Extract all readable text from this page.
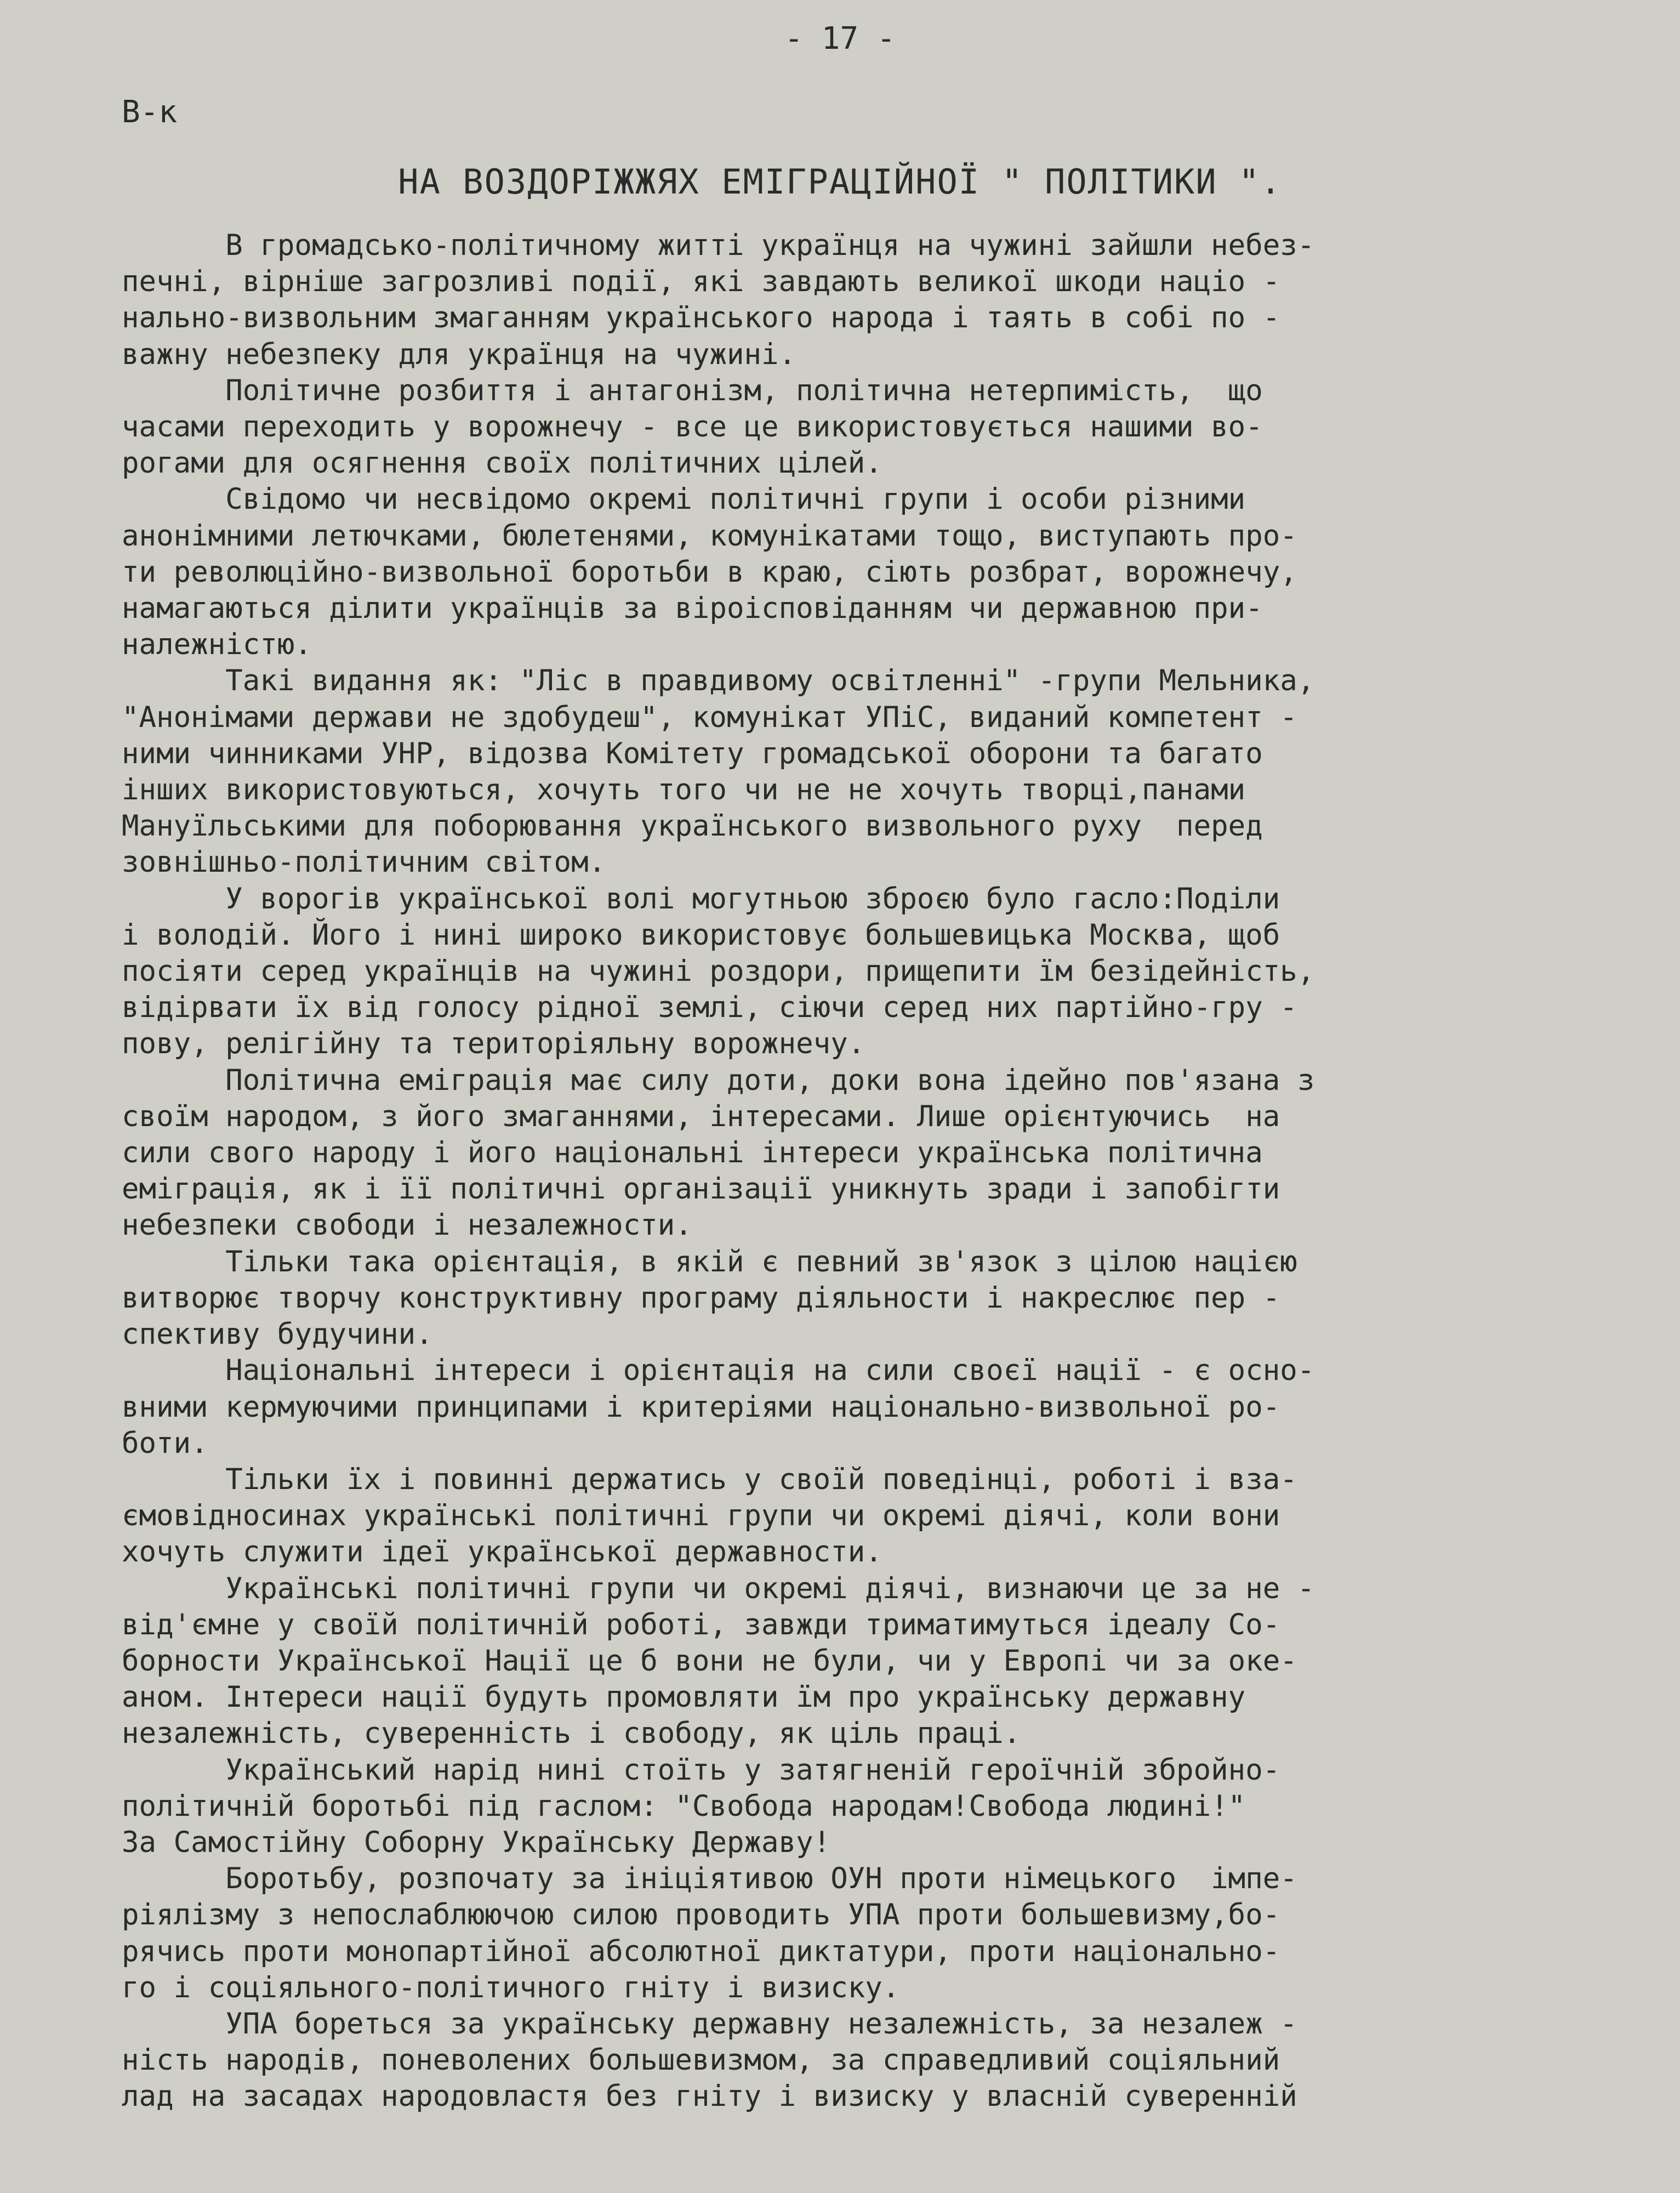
- 17 -
В-к
НА ВОЗДОРІЖЖЯХ ЕМІГРАЦІЙНОЇ " ПОЛІТИКИ ".
В громадсько-політичному житті українця на чужині зайшли небез-
печні, вірніше загрозливі події, які завдають великої шкоди націо -
нально-визвольним змаганням українського народа і таять в собі по -
важну небезпеку для українця на чужині.
Політичне розбиття і антагонізм, політична нетерпимість,  що
часами переходить у ворожнечу - все це використовується нашими во-
рогами для осягнення своїх політичних цілей.
Свідомо чи несвідомо окремі політичні групи і особи різними
анонімними летючками, бюлетенями, комунікатами тощо, виступають про-
ти революційно-визвольної боротьби в краю, сіють розбрат, ворожнечу,
намагаються ділити українців за віроісповіданням чи державною при-
належністю.
Такі видання як: "Ліс в правдивому освітленні" -групи Мельника,
"Анонімами держави не здобудеш", комунікат УПіС, виданий компетент -
ними чинниками УНР, відозва Комітету громадської оборони та багато
інших використовуються, хочуть того чи не не хочуть творці,панами
Мануїльськими для поборювання українського визвольного руху  перед
зовнішньо-політичним світом.
У ворогів української волі могутньою зброєю було гасло:Поділи
і володій. Його і нині широко використовує большевицька Москва, щоб
посіяти серед українців на чужині роздори, прищепити їм безідейність,
відірвати їх від голосу рідної землі, сіючи серед них партійно-гру -
пову, релігійну та територіяльну ворожнечу.
Політична еміграція має силу доти, доки вона ідейно пов'язана з
своїм народом, з його змаганнями, інтересами. Лише орієнтуючись  на
сили свого народу і його національні інтереси українська політична
еміграція, як і її політичні організації уникнуть зради і запобігти
небезпеки свободи і незалежности.
Тільки така орієнтація, в якій є певний зв'язок з цілою нацією
витворює творчу конструктивну програму діяльности і накреслює пер -
спективу будучини.
Національні інтереси і орієнтація на сили своєї нації - є осно-
вними кермуючими принципами і критеріями національно-визвольної ро-
боти.
Тільки їх і повинні держатись у своїй поведінці, роботі і вза-
ємовідносинах українські політичні групи чи окремі діячі, коли вони
хочуть служити ідеї української державности.
Українські політичні групи чи окремі діячі, визнаючи це за не -
від'ємне у своїй політичній роботі, завжди триматимуться ідеалу Со-
борности Української Нації це б вони не були, чи у Европі чи за оке-
аном. Інтереси нації будуть промовляти їм про українську державну
незалежність, суверенність і свободу, як ціль праці.
Український нарід нині стоїть у затягненій героїчній збройно-
політичній боротьбі під гаслом: "Свобода народам!Свобода людині!"
За Самостійну Соборну Українську Державу!
Боротьбу, розпочату за ініціятивою ОУН проти німецького  імпе-
ріялізму з непослаблюючою силою проводить УПА проти большевизму,бо-
рячись проти монопартійної абсолютної диктатури, проти національно-
го і соціяльного-політичного гніту і визиску.
УПА бореться за українську державну незалежність, за незалеж -
ність народів, поневолених большевизмом, за справедливий соціяльний
лад на засадах народовластя без гніту і визиску у власній суверенній
